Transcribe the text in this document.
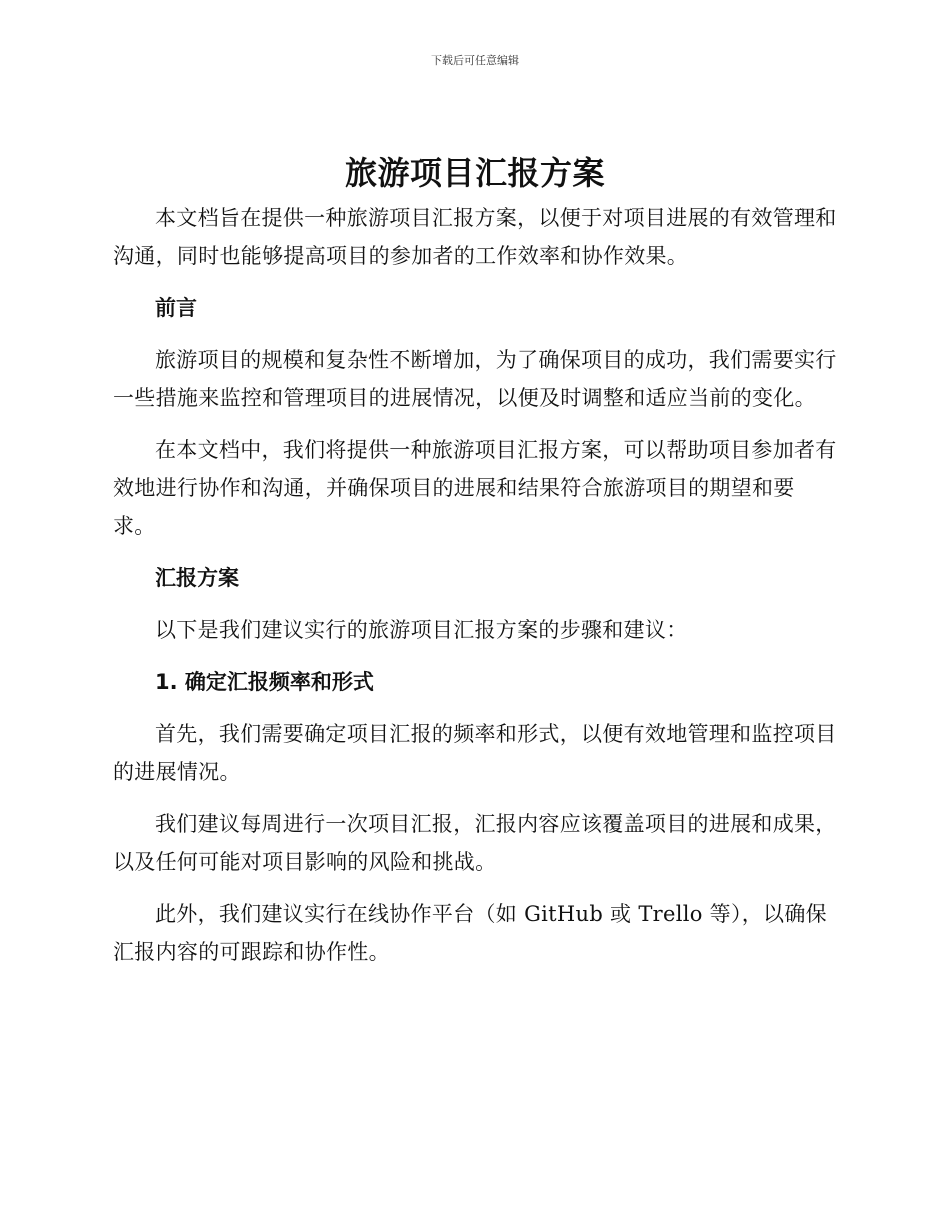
下载后可任意编辑
旅游项目汇报方案

本文档旨在提供一种旅游项目汇报方案，以便于对项目进展的有效管理和沟通，同时也能够提高项目的参加者的工作效率和协作效果。

前言

旅游项目的规模和复杂性不断增加，为了确保项目的成功，我们需要实行一些措施来监控和管理项目的进展情况，以便及时调整和适应当前的变化。

在本文档中，我们将提供一种旅游项目汇报方案，可以帮助项目参加者有效地进行协作和沟通，并确保项目的进展和结果符合旅游项目的期望和要求。

汇报方案

以下是我们建议实行的旅游项目汇报方案的步骤和建议：

1. 确定汇报频率和形式

首先，我们需要确定项目汇报的频率和形式，以便有效地管理和监控项目的进展情况。

我们建议每周进行一次项目汇报，汇报内容应该覆盖项目的进展和成果，以及任何可能对项目影响的风险和挑战。

此外，我们建议实行在线协作平台（如 GitHub 或 Trello 等），以确保汇报内容的可跟踪和协作性。
